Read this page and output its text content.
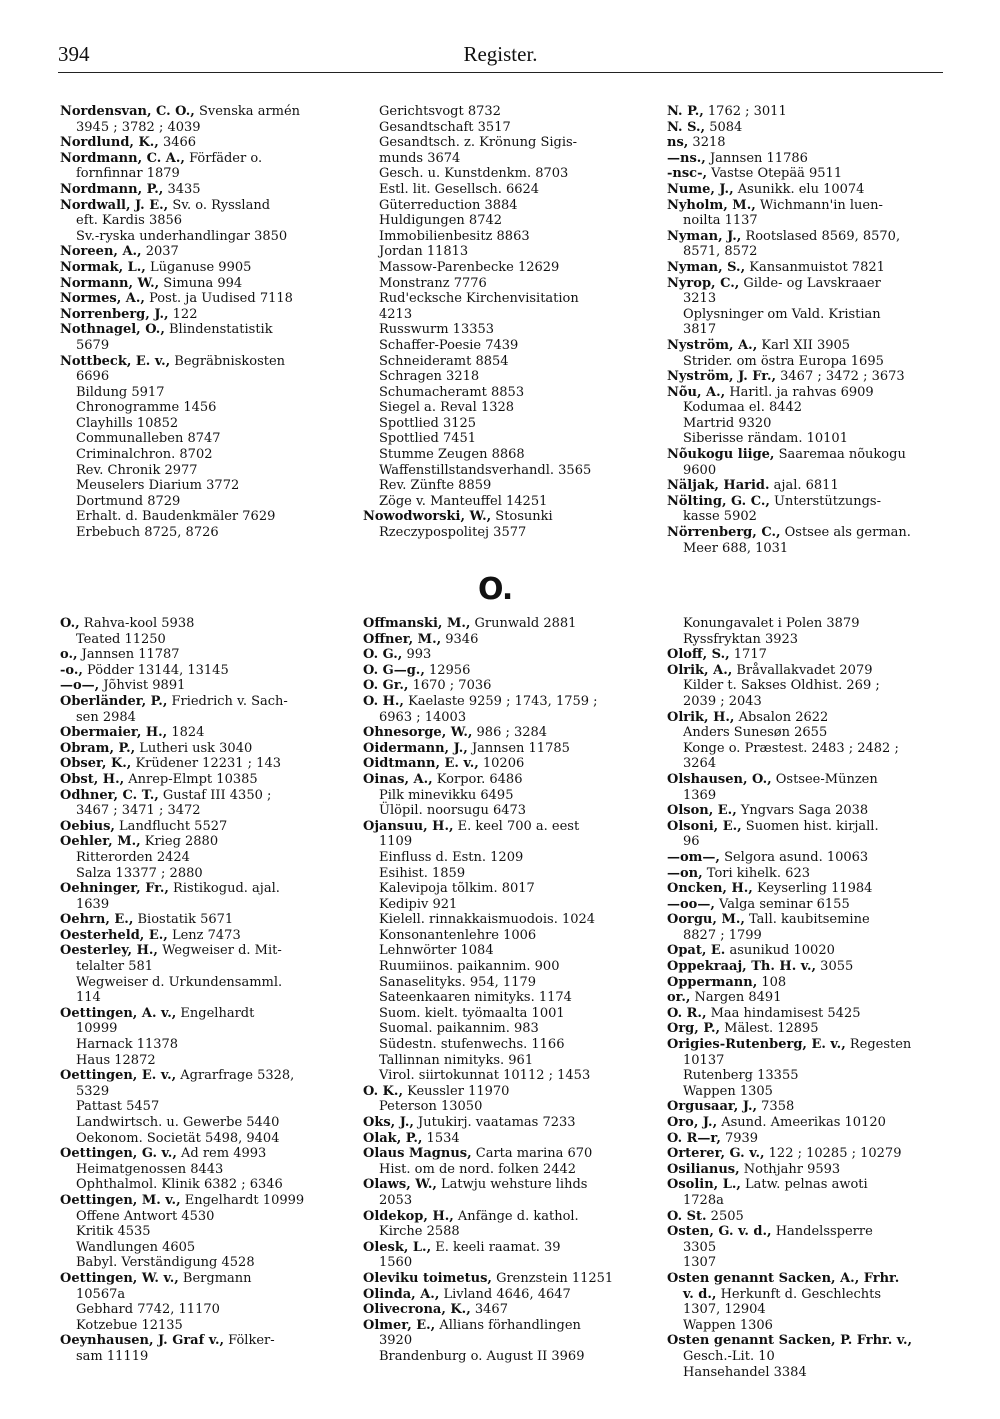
394	Register.
Nordensvan, C. O., Svenska armén
3945 ; 3782 ; 4039
Nordlund, K., 3466
Nordmann, C. A., Förfäder o.
fornfinnar 1879
Nordmann, P., 3435
Nordwall, J. E., Sv. o. Ryssland
eft. Kardis 3856
Sv.-ryska underhandlingar 3850
Noreen, A., 2037
Normak, L., Lüganuse 9905
Normann, W., Simuna 994
Normes, A., Post. ja Uudised 7118
Norrenberg, J., 122
Nothnagel, O., Blindenstatistik
5679
Nottbeck, E. v., Begräbniskosten
6696
Bildung 5917
Chronogramme 1456
Clayhills 10852
Communalleben 8747
Criminalchron. 8702
Rev. Chronik 2977
Meuselers Diarium 3772
Dortmund 8729
Erhalt. d. Baudenkmäler 7629
Erbebuch 8725, 8726
Gerichtsvogt 8732
Gesandtschaft 3517
Gesandtsch. z. Krönung Sigis-
munds 3674
Gesch. u. Kunstdenkm. 8703
Estl. lit. Gesellsch. 6624
Güterreduction 3884
Huldigungen 8742
Immobilienbesitz 8863
Jordan 11813
Massow-Parenbecke 12629
Monstranz 7776
Rud'eckschе Kirchenvisitation
4213
Russwurm 13353
Schaffer-Poesie 7439
Schneideramt 8854
Schragen 3218
Schumacheramt 8853
Siegel a. Reval 1328
Spottlied 3125
Spottlied 7451
Stumme Zeugen 8868
Waffenstillstandsverhandl. 3565
Rev. Zünfte 8859
Zöge v. Manteuffel 14251
Nowodworski, W., Stosunki
Rzeczypospolitej 3577
N. P., 1762 ; 3011
N. S., 5084
ns, 3218
—ns., Jannsen 11786
-nsc-, Vastse Otepää 9511
Nume, J., Asunikk. elu 10074
Nyholm, M., Wichmann'in luen-
noilta 1137
Nyman, J., Rootslased 8569, 8570,
8571, 8572
Nyman, S., Kansanmuistot 7821
Nyrop, C., Gilde- og Lavskraaer
3213
Oplysninger om Vald. Kristian
3817
Nyström, A., Karl XII 3905
Strider. om östra Europa 1695
Nyström, J. Fr., 3467 ; 3472 ; 3673
Nõu, A., Haritl. ja rahvas 6909
Kodumaa el. 8442
Martrid 9320
Siberisse rändam. 10101
Nõukogu liige, Saaremaa nõukogu
9600
Näljak, Harid. ajal. 6811
Nölting, G. C., Unterstützungs-
kasse 5902
Nörrenberg, C., Ostsee als german.
Meer 688, 1031
O.
O., Rahva-kool 5938
Teated 11250
o., Jannsen 11787
-o., Pödder 13144, 13145
—o—, Jõhvist 9891
Oberländer, P., Friedrich v. Sach-
sen 2984
Obermaier, H., 1824
Obram, P., Lutheri usk 3040
Obser, K., Krüdener 12231 ; 143
Obst, H., Anrep-Elmpt 10385
Odhner, C. T., Gustaf III 4350 ;
3467 ; 3471 ; 3472
Oebius, Landflucht 5527
Oehler, M., Krieg 2880
Ritterorden 2424
Salza 13377 ; 2880
Oehninger, Fr., Ristikogud. ajal.
1639
Oehrn, E., Biostatik 5671
Oesterheld, E., Lenz 7473
Oesterley, H., Wegweiser d. Mit-
telalter 581
Wegweiser d. Urkundensamml.
114
Oettingen, A. v., Engelhardt
10999
Harnack 11378
Haus 12872
Oettingen, E. v., Agrarfrage 5328,
5329
Pattast 5457
Landwirtsch. u. Gewerbe 5440
Oekonom. Societät 5498, 9404
Oettingen, G. v., Ad rem 4993
Heimatgenossen 8443
Ophthalmol. Klinik 6382 ; 6346
Oettingen, M. v., Engelhardt 10999
Offene Antwort 4530
Kritik 4535
Wandlungen 4605
Babyl. Verständigung 4528
Oettingen, W. v., Bergmann
10567a
Gebhard 7742, 11170
Kotzebue 12135
Oeynhausen, J. Graf v., Fölker-
sam 11119
Offmanski, M., Grunwald 2881
Offner, M., 9346
O. G., 993
O. G—g., 12956
O. Gr., 1670 ; 7036
O. H., Kaelaste 9259 ; 1743, 1759 ;
6963 ; 14003
Ohnesorge, W., 986 ; 3284
Oidermann, J., Jannsen 11785
Oidtmann, E. v., 10206
Oinas, A., Korpor. 6486
Pilk minevikku 6495
Ülöpil. noorsugu 6473
Ojansuu, H., E. keel 700 a. eest
1109
Einfluss d. Estn. 1209
Esihist. 1859
Kalevipoja tõlkim. 8017
Kedipiv 921
Kielell. rinnakkaismuodois. 1024
Konsonantenlehre 1006
Lehnwörter 1084
Ruumiinos. paikannim. 900
Sanaselityks. 954, 1179
Sateenkaaren nimityks. 1174
Suom. kielt. työmaalta 1001
Suomal. paikannim. 983
Südestn. stufenwechs. 1166
Tallinnan nimityks. 961
Virol. siirtokunnat 10112 ; 1453
O. K., Keussler 11970
Peterson 13050
Oks, J., Jutukirj. vaatamas 7233
Olak, P., 1534
Olaus Magnus, Carta marina 670
Hist. om de nord. folken 2442
Olaws, W., Latwju wehsture lihds
2053
Oldekop, H., Anfänge d. kathol.
Kirche 2588
Olesk, L., E. keeli raamat. 39
1560
Oleviku toimetus, Grenzstein 11251
Olinda, A., Livland 4646, 4647
Olivecrona, K., 3467
Olmer, E., Allians förhandlingen
3920
Brandenburg o. August II 3969
Konungavalet i Polen 3879
Ryssfryktan 3923
Oloff, S., 1717
Olrik, A., Bråvallakvadet 2079
Kilder t. Sakses Oldhist. 269 ;
2039 ; 2043
Olrik, H., Absalon 2622
Anders Sunesøn 2655
Konge o. Præstest. 2483 ; 2482 ;
3264
Olshausen, O., Ostsee-Münzen
1369
Olson, E., Yngvars Saga 2038
Olsoni, E., Suomen hist. kirjall.
96
—om—, Selgora asund. 10063
—on, Tori kihelk. 623
Oncken, H., Keyserling 11984
—oo—, Valga seminar 6155
Oorgu, M., Tall. kaubitsemine
8827 ; 1799
Opat, E. asunikud 10020
Oppekraaj, Th. H. v., 3055
Oppermann, 108
or., Nargen 8491
O. R., Maa hindamisest 5425
Org, P., Mälest. 12895
Origies-Rutenberg, E. v., Regesten
10137
Rutenberg 13355
Wappen 1305
Orgusaar, J., 7358
Oro, J., Asund. Ameerikas 10120
O. R—r, 7939
Orterer, G. v., 122 ; 10285 ; 10279
Osilianus, Nothjahr 9593
Osolin, L., Latw. pelnas awoti
1728a
O. St. 2505
Osten, G. v. d., Handelssperre
3305
1307
Osten genannt Sacken, A., Frhr.
v. d., Herkunft d. Geschlechts
1307, 12904
Wappen 1306
Osten genannt Sacken, P. Frhr. v.,
Gesch.-Lit. 10
Hansehandel 3384
